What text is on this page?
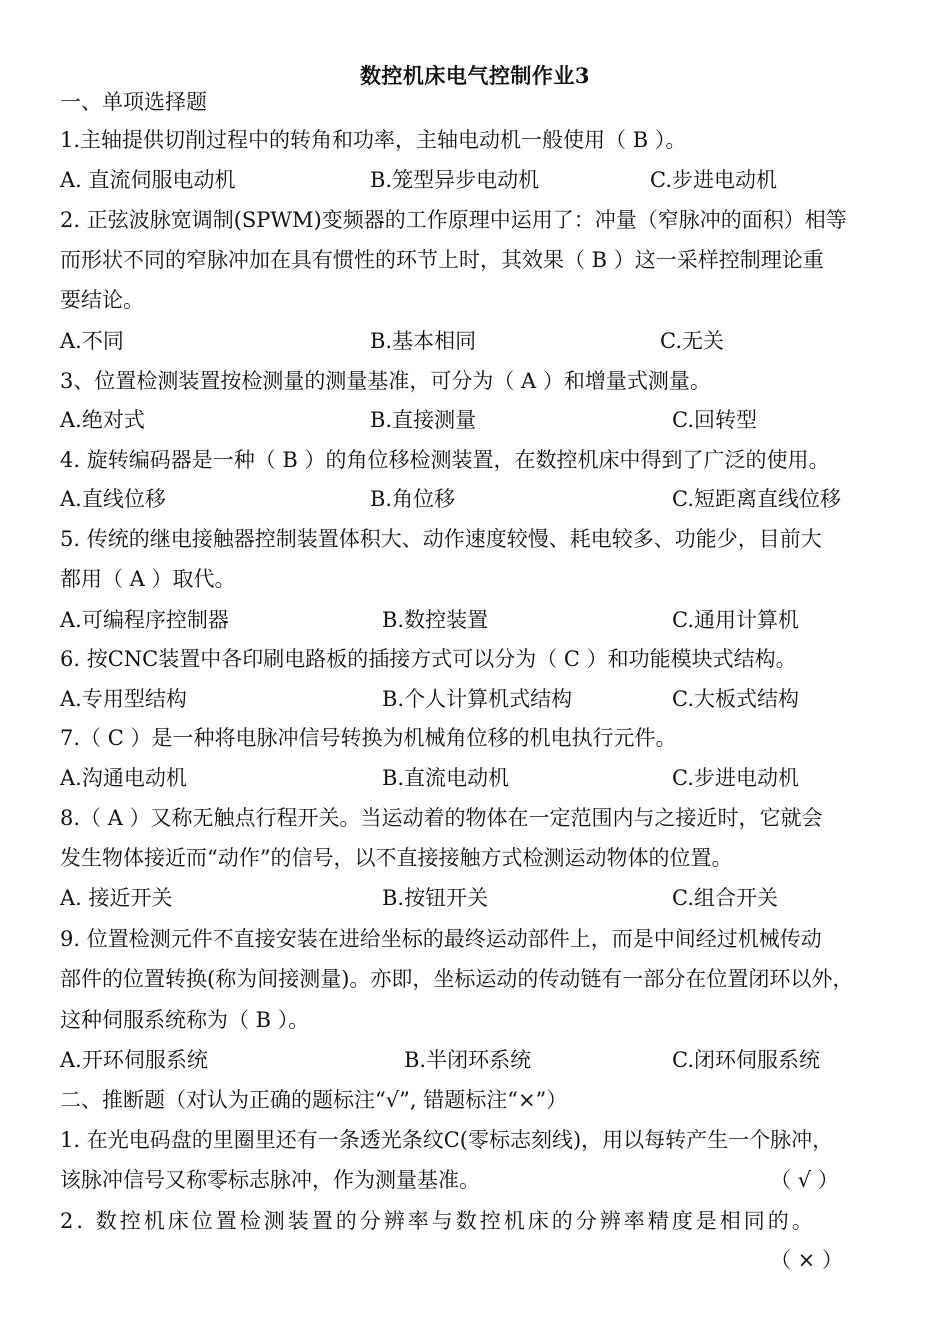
数控机床电气控制作业3
一、单项选择题
1.主轴提供切削过程中的转角和功率，主轴电动机一般使用（ B ）。
A. 直流伺服电动机	B.笼型异步电动机	C.步进电动机
2. 正弦波脉宽调制(SPWM)变频器的工作原理中运用了：冲量（窄脉冲的面积）相等
而形状不同的窄脉冲加在具有惯性的环节上时，其效果（ B ）这一采样控制理论重
要结论。
A.不同	B.基本相同	C.无关
3、位置检测装置按检测量的测量基准，可分为（ A ）和增量式测量。
A.绝对式	B.直接测量	C.回转型
4. 旋转编码器是一种（ B ）的角位移检测装置，在数控机床中得到了广泛的使用。
A.直线位移	B.角位移	C.短距离直线位移
5. 传统的继电接触器控制装置体积大、动作速度较慢、耗电较多、功能少，目前大
都用（ A ）取代。
A.可编程序控制器	B.数控装置	C.通用计算机
6. 按CNC装置中各印刷电路板的插接方式可以分为（ C ）和功能模块式结构。
A.专用型结构	B.个人计算机式结构	C.大板式结构
7.（ C ）是一种将电脉冲信号转换为机械角位移的机电执行元件。
A.沟通电动机	B.直流电动机	C.步进电动机
8.（ A ）又称无触点行程开关。当运动着的物体在一定范围内与之接近时，它就会
发生物体接近而“动作”的信号，以不直接接触方式检测运动物体的位置。
A. 接近开关	B.按钮开关	C.组合开关
9. 位置检测元件不直接安装在进给坐标的最终运动部件上，而是中间经过机械传动
部件的位置转换(称为间接测量)。亦即，坐标运动的传动链有一部分在位置闭环以外，
这种伺服系统称为（ B ）。
A.开环伺服系统	B.半闭环系统	C.闭环伺服系统
二、推断题（对认为正确的题标注“√”, 错题标注“×”）
1. 在光电码盘的里圈里还有一条透光条纹C(零标志刻线)，用以每转产生一个脉冲，
该脉冲信号又称零标志脉冲，作为测量基准。	（ √ ）
2. 数控机床位置检测装置的分辨率与数控机床的分辨率精度是相同的。
（ × ）
